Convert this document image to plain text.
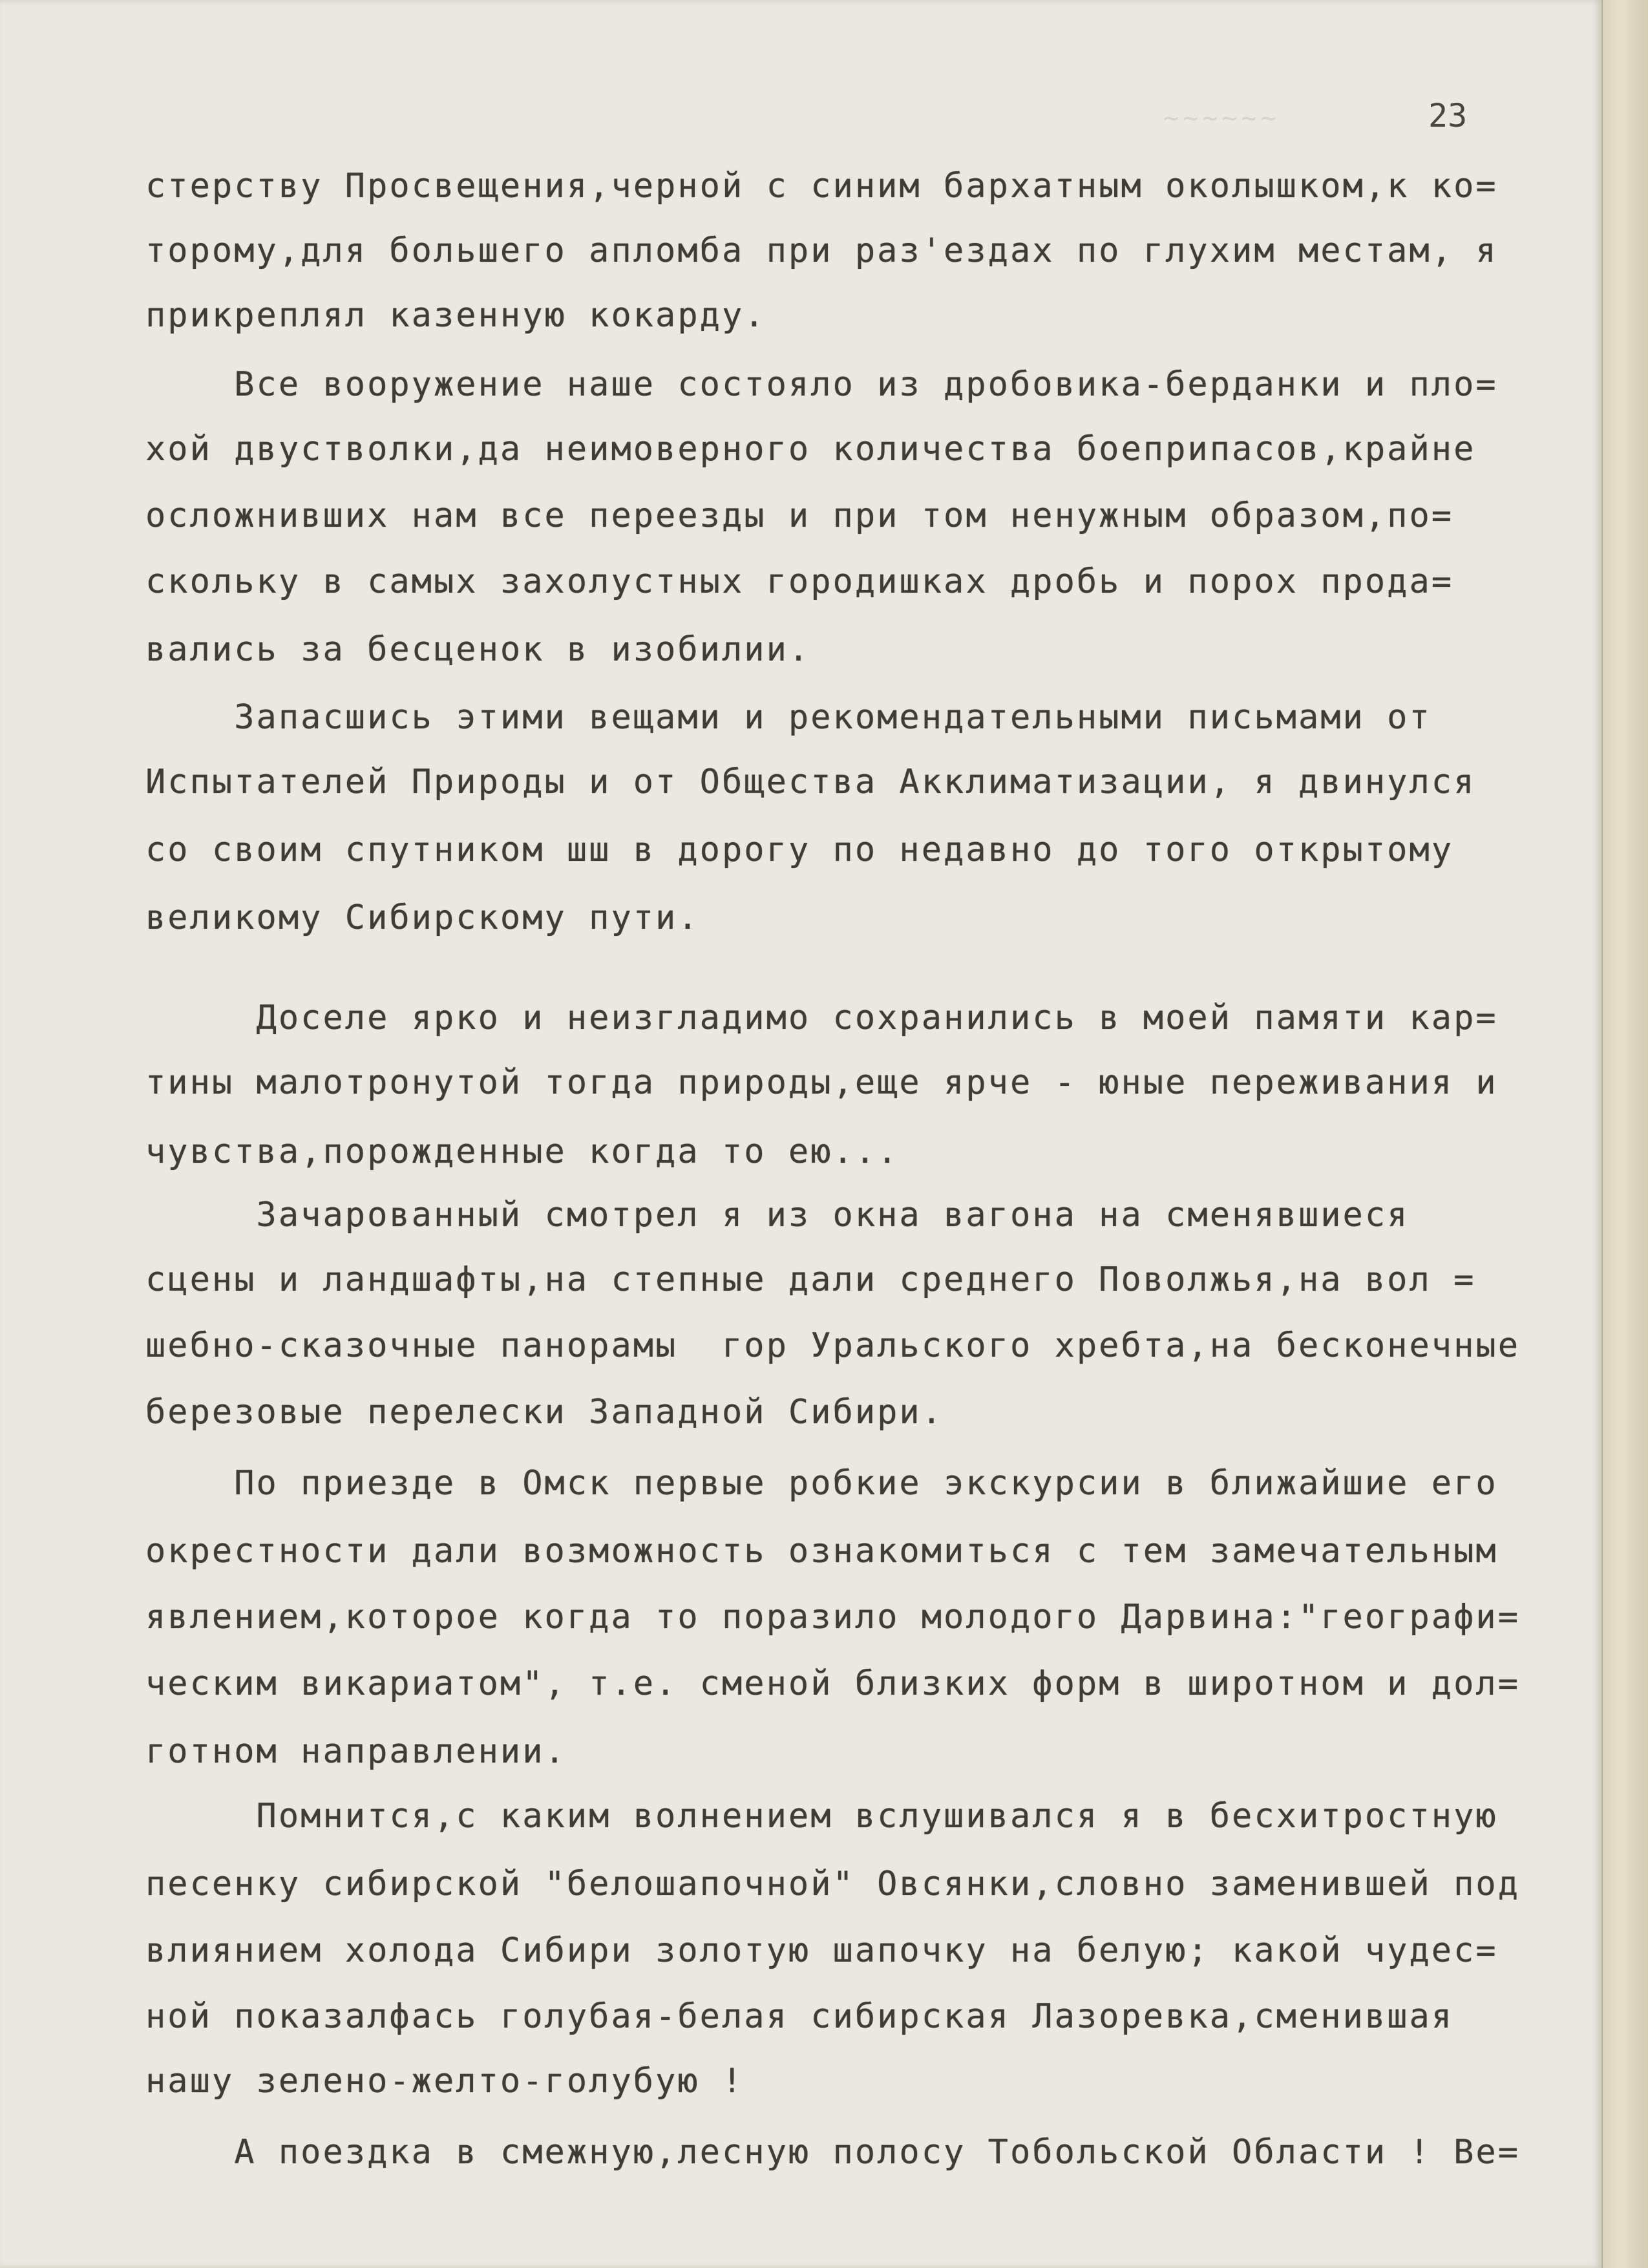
~~~~~~	23
стерству Просвещения,черной с синим бархатным околышком,к ко=
торому,для большего апломба при раз'ездах по глухим местам, я
прикреплял казенную кокарду.
Все вооружение наше состояло из дробовика-берданки и пло=
хой двустволки,да неимоверного количества боеприпасов,крайне
осложнивших нам все переезды и при том ненужным образом,по=
скольку в самых захолустных городишках дробь и порох прода=
вались за бесценок в изобилии.
Запасшись этими вещами и рекомендательными письмами от
Испытателей Природы и от Общества Акклиматизации, я двинулся
со своим спутником шш в дорогу по недавно до того открытому
великому Сибирскому пути.
Доселе ярко и неизгладимо сохранились в моей памяти кар=
тины малотронутой тогда природы,еще ярче - юные переживания и
чувства,порожденные когда то ею...
Зачарованный смотрел я из окна вагона на сменявшиеся
сцены и ландшафты,на степные дали среднего Поволжья,на вол =
шебно-сказочные панорамы  гор Уральского хребта,на бесконечные
березовые перелески Западной Сибири.
По приезде в Омск первые робкие экскурсии в ближайшие его
окрестности дали возможность ознакомиться с тем замечательным
явлением,которое когда то поразило молодого Дарвина:"географи=
ческим викариатом", т.е. сменой близких форм в широтном и дол=
готном направлении.
Помнится,с каким волнением вслушивался я в бесхитростную
песенку сибирской "белошапочной" Овсянки,словно заменившей под
влиянием холода Сибири золотую шапочку на белую; какой чудес=
ной показалфась голубая-белая сибирская Лазоревка,сменившая
нашу зелено-желто-голубую !
А поездка в смежную,лесную полосу Тобольской Области ! Ве=
